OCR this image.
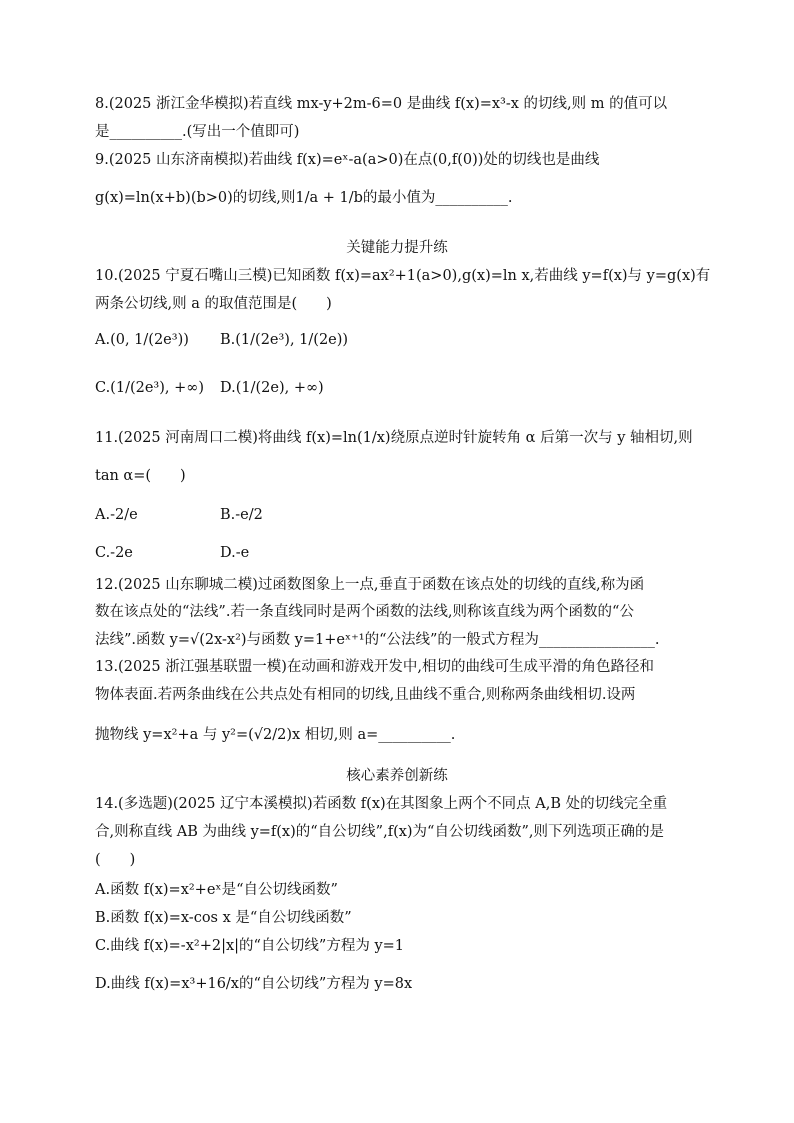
8.(2025 浙江金华模拟)若直线 mx-y+2m-6=0 是曲线 f(x)=x³-x 的切线,则 m 的值可以
是__________.(写出一个值即可)
9.(2025 山东济南模拟)若曲线 f(x)=eˣ-a(a>0)在点(0,f(0))处的切线也是曲线
g(x)=ln(x+b)(b>0)的切线,则1/a + 1/b的最小值为__________.
关键能力提升练
10.(2025 宁夏石嘴山三模)已知函数 f(x)=ax²+1(a>0),g(x)=ln x,若曲线 y=f(x)与 y=g(x)有
两条公切线,则 a 的取值范围是(　　)
A.(0, 1/(2e³)) B.(1/(2e³), 1/(2e))
C.(1/(2e³), +∞) D.(1/(2e), +∞)
11.(2025 河南周口二模)将曲线 f(x)=ln(1/x)绕原点逆时针旋转角 α 后第一次与 y 轴相切,则
tan α=(　　)
A.-2/e	B.-e/2
C.-2e	D.-e
12.(2025 山东聊城二模)过函数图象上一点,垂直于函数在该点处的切线的直线,称为函
数在该点处的“法线”.若一条直线同时是两个函数的法线,则称该直线为两个函数的“公
法线”.函数 y=√(2x-x²)与函数 y=1+eˣ⁺¹的“公法线”的一般式方程为________________.
13.(2025 浙江强基联盟一模)在动画和游戏开发中,相切的曲线可生成平滑的角色路径和
物体表面.若两条曲线在公共点处有相同的切线,且曲线不重合,则称两条曲线相切.设两
抛物线 y=x²+a 与 y²=(√2/2)x 相切,则 a=__________.
核心素养创新练
14.(多选题)(2025 辽宁本溪模拟)若函数 f(x)在其图象上两个不同点 A,B 处的切线完全重
合,则称直线 AB 为曲线 y=f(x)的“自公切线”,f(x)为“自公切线函数”,则下列选项正确的是
(　　)
A.函数 f(x)=x²+eˣ是“自公切线函数”
B.函数 f(x)=x-cos x 是“自公切线函数”
C.曲线 f(x)=-x²+2|x|的“自公切线”方程为 y=1
D.曲线 f(x)=x³+16/x的“自公切线”方程为 y=8x
